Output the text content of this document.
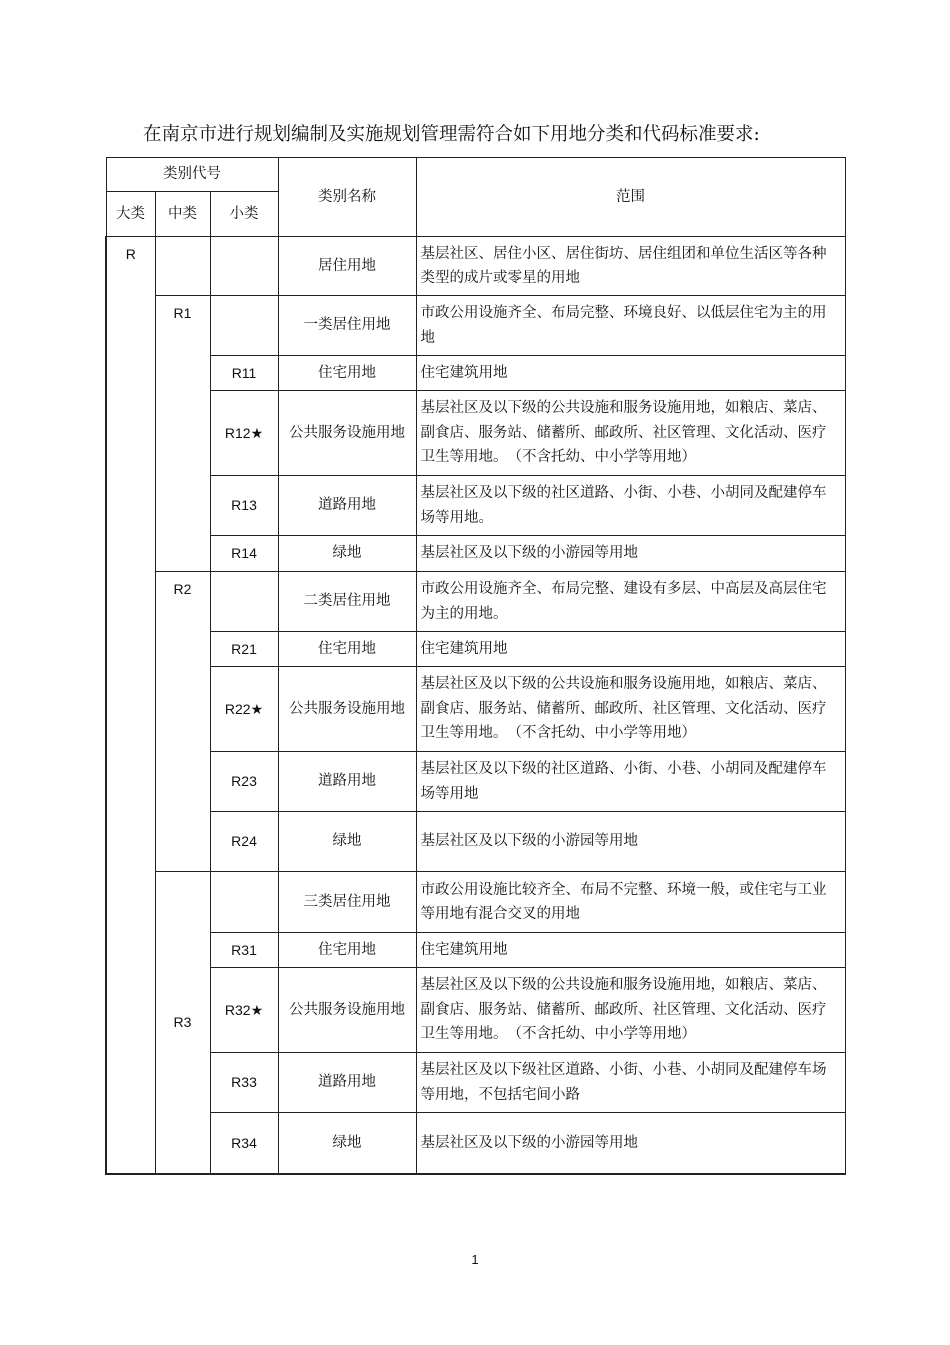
在南京市进行规划编制及实施规划管理需符合如下用地分类和代码标准要求:

类别代号			类别名称	范围
大类	中类	小类		
R			居住用地	基层社区、居住小区、居住街坊、居住组团和单位生活区等各种类型的成片或零星的用地
	R1		一类居住用地	市政公用设施齐全、布局完整、环境良好、以低层住宅为主的用地
		R11	住宅用地	住宅建筑用地
		R12★	公共服务设施用地	基层社区及以下级的公共设施和服务设施用地，如粮店、菜店、副食店、服务站、储蓄所、邮政所、社区管理、文化活动、医疗卫生等用地。　（不含托幼、中小学等用地）
		R13	道路用地	基层社区及以下级的社区道路、小街、小巷、小胡同及配建停车场等用地。
		R14	绿地	基层社区及以下级的小游园等用地
	R2		二类居住用地	市政公用设施齐全、布局完整、建设有多层、中高层及高层住宅为主的用地。
		R21	住宅用地	住宅建筑用地
		R22★	公共服务设施用地	基层社区及以下级的公共设施和服务设施用地，如粮店、菜店、副食店、服务站、储蓄所、邮政所、社区管理、文化活动、医疗卫生等用地。　（不含托幼、中小学等用地）
		R23	道路用地	基层社区及以下级的社区道路、小街、小巷、小胡同及配建停车场等用地
		R24	绿地	基层社区及以下级的小游园等用地
	R3		三类居住用地	市政公用设施比较齐全、布局不完整、环境一般，或住宅与工业等用地有混合交叉的用地
		R31	住宅用地	住宅建筑用地
		R32★	公共服务设施用地	基层社区及以下级的公共设施和服务设施用地，如粮店、菜店、副食店、服务站、储蓄所、邮政所、社区管理、文化活动、医疗卫生等用地。　（不含托幼、中小学等用地）
		R33	道路用地	基层社区及以下级社区道路、小街、小巷、小胡同及配建停车场等用地，不包括宅间小路
		R34	绿地	基层社区及以下级的小游园等用地
1
